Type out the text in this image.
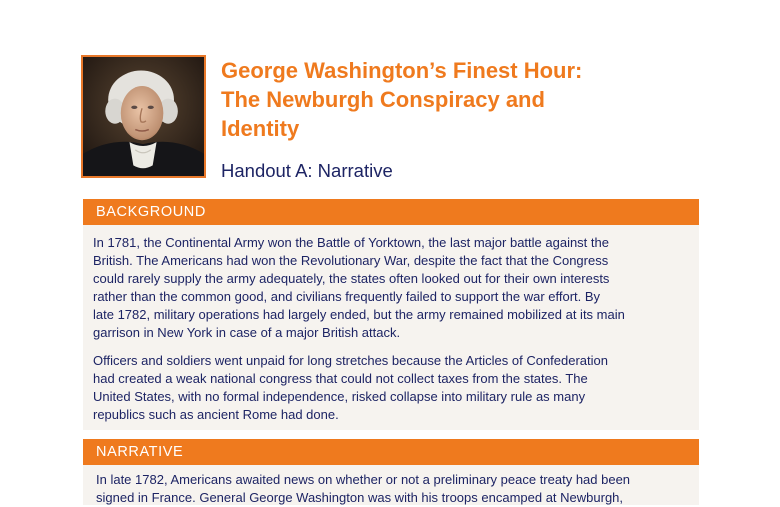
George Washington’s Finest Hour:
The Newburgh Conspiracy and
Identity
Handout A: Narrative
BACKGROUND
In 1781, the Continental Army won the Battle of Yorktown, the last major battle against the
British. The Americans had won the Revolutionary War, despite the fact that the Congress
could rarely supply the army adequately, the states often looked out for their own interests
rather than the common good, and civilians frequently failed to support the war effort. By
late 1782, military operations had largely ended, but the army remained mobilized at its main
garrison in New York in case of a major British attack.
Officers and soldiers went unpaid for long stretches because the Articles of Confederation
had created a weak national congress that could not collect taxes from the states. The
United States, with no formal independence, risked collapse into military rule as many
republics such as ancient Rome had done.
NARRATIVE
In late 1782, Americans awaited news on whether or not a preliminary peace treaty had been
signed in France. General George Washington was with his troops encamped at Newburgh,
